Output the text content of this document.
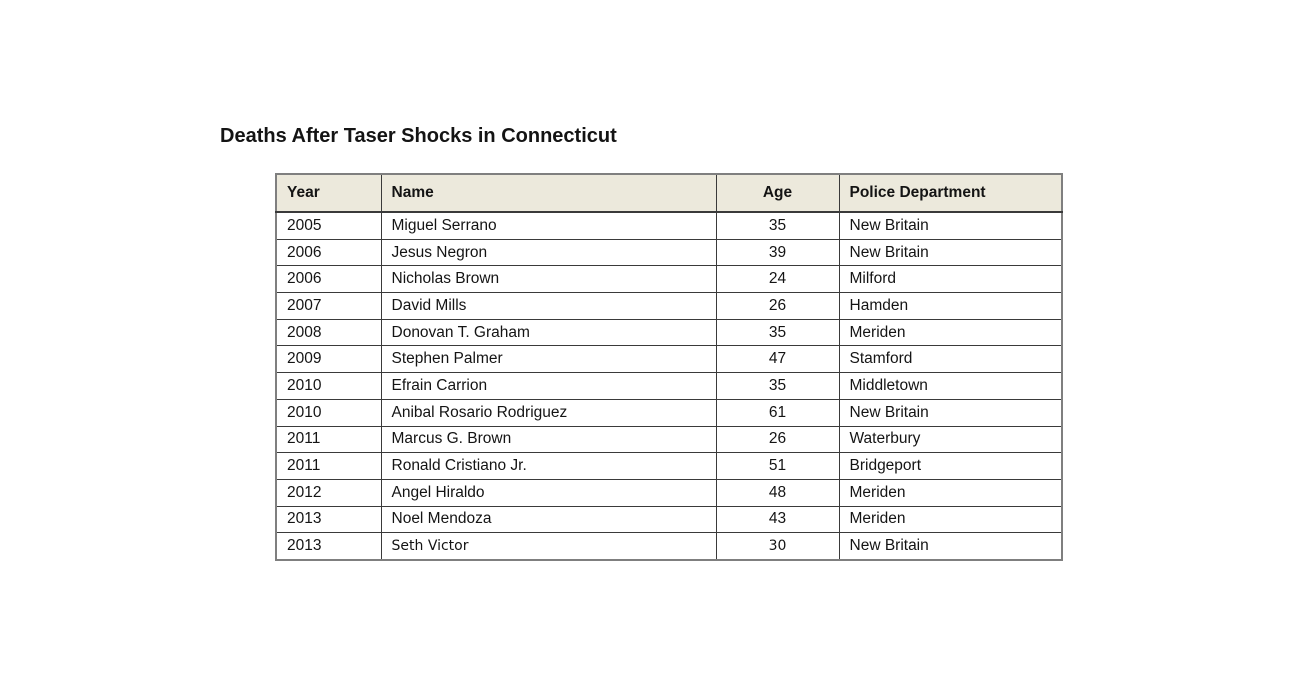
Deaths After Taser Shocks in Connecticut
Year	Name	Age	Police Department
2005	Miguel Serrano	35	New Britain
2006	Jesus Negron	39	New Britain
2006	Nicholas Brown	24	Milford
2007	David Mills	26	Hamden
2008	Donovan T. Graham	35	Meriden
2009	Stephen Palmer	47	Stamford
2010	Efrain Carrion	35	Middletown
2010	Anibal Rosario Rodriguez	61	New Britain
2011	Marcus G. Brown	26	Waterbury
2011	Ronald Cristiano Jr.	51	Bridgeport
2012	Angel Hiraldo	48	Meriden
2013	Noel Mendoza	43	Meriden
2013	Seth Victor	30	New Britain
